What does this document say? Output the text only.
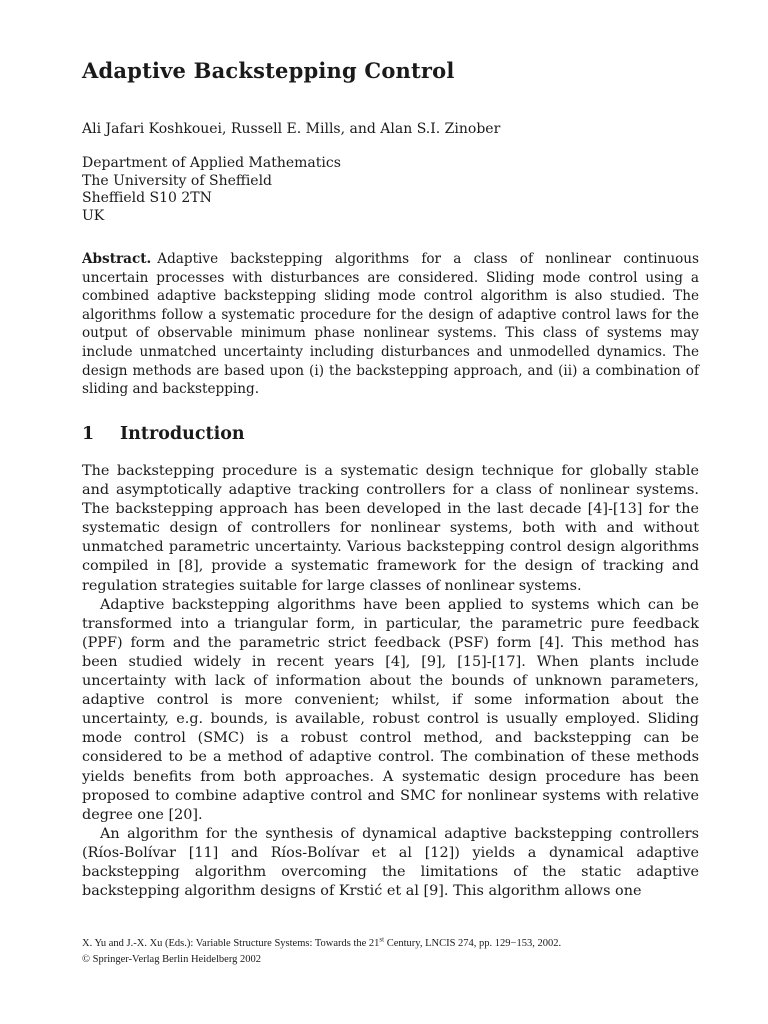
Adaptive Backstepping Control
Ali Jafari Koshkouei, Russell E. Mills, and Alan S.I. Zinober
Department of Applied Mathematics
The University of Sheffield
Sheffield S10 2TN
UK
Abstract. Adaptive backstepping algorithms for a class of nonlinear continuous uncertain processes with disturbances are considered. Sliding mode control using a combined adaptive backstepping sliding mode control algorithm is also studied. The algorithms follow a systematic procedure for the design of adaptive control laws for the output of observable minimum phase nonlinear systems. This class of systems may include unmatched uncertainty including disturbances and unmodelled dynamics. The design methods are based upon (i) the backstepping approach, and (ii) a combination of sliding and backstepping.
1 Introduction

The backstepping procedure is a systematic design technique for globally stable and asymptotically adaptive tracking controllers for a class of nonlinear systems. The backstepping approach has been developed in the last decade [4]-[13] for the systematic design of controllers for nonlinear systems, both with and without unmatched parametric uncertainty. Various backstepping control design algorithms compiled in [8], provide a systematic framework for the design of tracking and regulation strategies suitable for large classes of nonlinear systems.

Adaptive backstepping algorithms have been applied to systems which can be transformed into a triangular form, in particular, the parametric pure feedback (PPF) form and the parametric strict feedback (PSF) form [4]. This method has been studied widely in recent years [4], [9], [15]-[17]. When plants include uncertainty with lack of information about the bounds of unknown parameters, adaptive control is more convenient; whilst, if some information about the uncertainty, e.g. bounds, is available, robust control is usually employed. Sliding mode control (SMC) is a robust control method, and backstepping can be considered to be a method of adaptive control. The combination of these methods yields benefits from both approaches. A systematic design procedure has been proposed to combine adaptive control and SMC for nonlinear systems with relative degree one [20].

An algorithm for the synthesis of dynamical adaptive backstepping controllers (Ríos-Bolívar [11] and Ríos-Bolívar et al [12]) yields a dynamical adaptive backstepping algorithm overcoming the limitations of the static adaptive backstepping algorithm designs of Krstić et al [9]. This algorithm allows one

X. Yu and J.-X. Xu (Eds.): Variable Structure Systems: Towards the 21st Century, LNCIS 274, pp. 129−153, 2002.
© Springer-Verlag Berlin Heidelberg 2002
